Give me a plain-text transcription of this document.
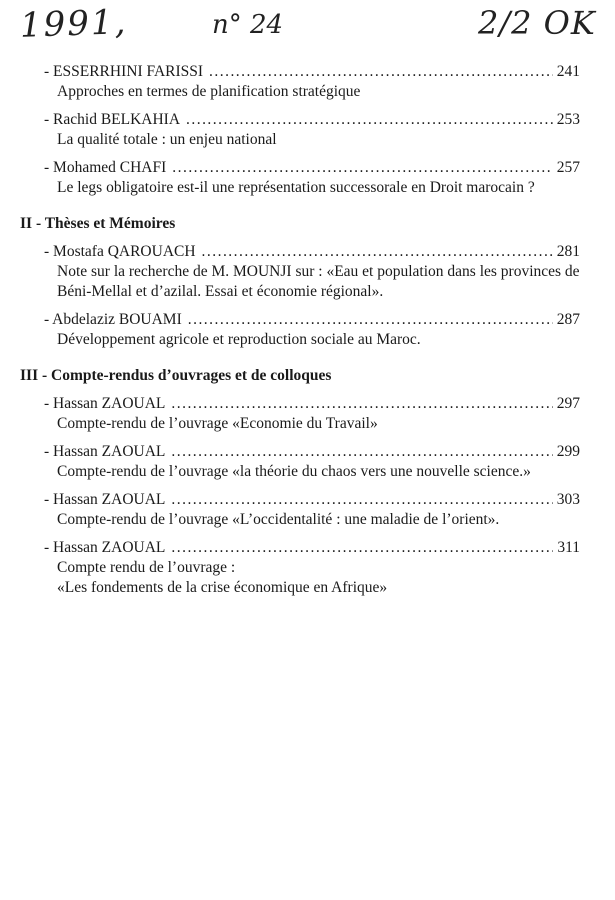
1991,	n° 24	2/2 OK
- ESSERRHINI FARISSI . . .	241
Approches en termes de planification stratégique
- Rachid BELKAHIA . . .	253
La qualité totale : un enjeu national
- Mohamed CHAFI . . .	257
Le legs obligatoire est-il une représentation successorale en Droit marocain ?
II - Thèses et Mémoires
- Mostafa QAROUACH . . .	281
Note sur la recherche de M. MOUNJI sur : «Eau et population dans les provinces de Béni-Mellal et d’azilal. Essai et économie régional».
- Abdelaziz BOUAMI . . .	287
Développement agricole et reproduction sociale au Maroc.
III - Compte-rendus d’ouvrages et de colloques
- Hassan ZAOUAL . . .	297
Compte-rendu de l’ouvrage «Economie du Travail»
- Hassan ZAOUAL . . .	299
Compte-rendu de l’ouvrage «la théorie du chaos vers une nouvelle science.»
- Hassan ZAOUAL . . .	303
Compte-rendu de l’ouvrage «L’occidentalité : une maladie de l’orient».
- Hassan ZAOUAL . . .	311
Compte rendu de l’ouvrage :
«Les fondements de la crise économique en Afrique»
